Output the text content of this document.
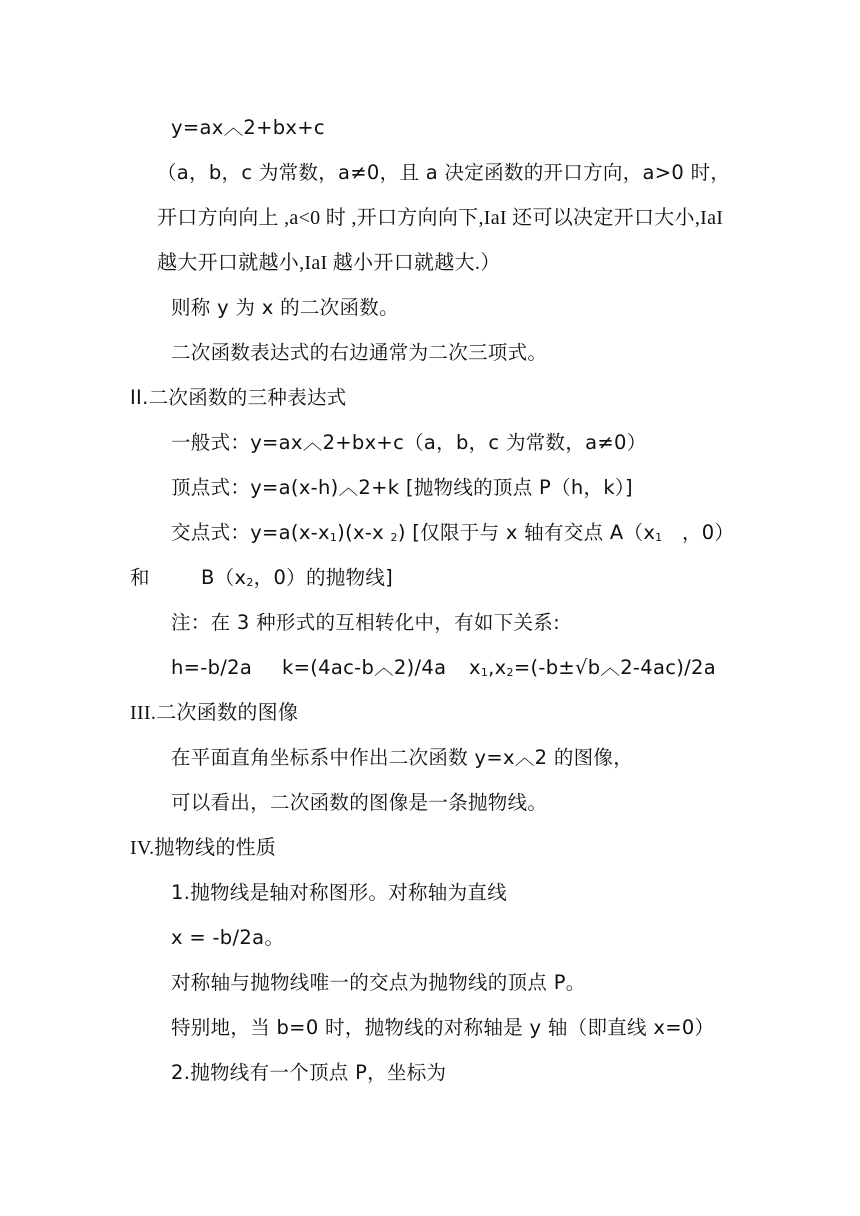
y=ax︿2+bx+c
（a，b，c 为常数，a≠0，且 a 决定函数的开口方向，a>0 时，
开口方向向上 ,a<0 时 ,开口方向向下,IaI 还可以决定开口大小,IaI
越大开口就越小,IaI 越小开口就越大.）
则称 y 为 x 的二次函数。
二次函数表达式的右边通常为二次三项式。
II.二次函数的三种表达式
一般式：y=ax︿2+bx+c（a，b，c 为常数，a≠0）
顶点式：y=a(x-h)︿2+k [抛物线的顶点 P（h，k）]
交点式：$y=a(x-x_1)(x-x$ $_2$) [仅限于与 x 轴有交点 $A(x_1$ ，0）
和	$B(x_2$，0）的抛物线]
注：在 3 种形式的互相转化中，有如下关系:
h=-b/2a k=(4ac-b︿2)/4a $x_1,x_2=(-b\pm√b︿2-4ac)/2a$
III.二次函数的图像
在平面直角坐标系中作出二次函数 y=x︿2 的图像，
可以看出，二次函数的图像是一条抛物线。
IV.抛物线的性质
1.抛物线是轴对称图形。对称轴为直线
x = -b/2a。
对称轴与抛物线唯一的交点为抛物线的顶点 P。
特别地，当 b=0 时，抛物线的对称轴是 y 轴（即直线 x=0）
2.抛物线有一个顶点 P，坐标为
